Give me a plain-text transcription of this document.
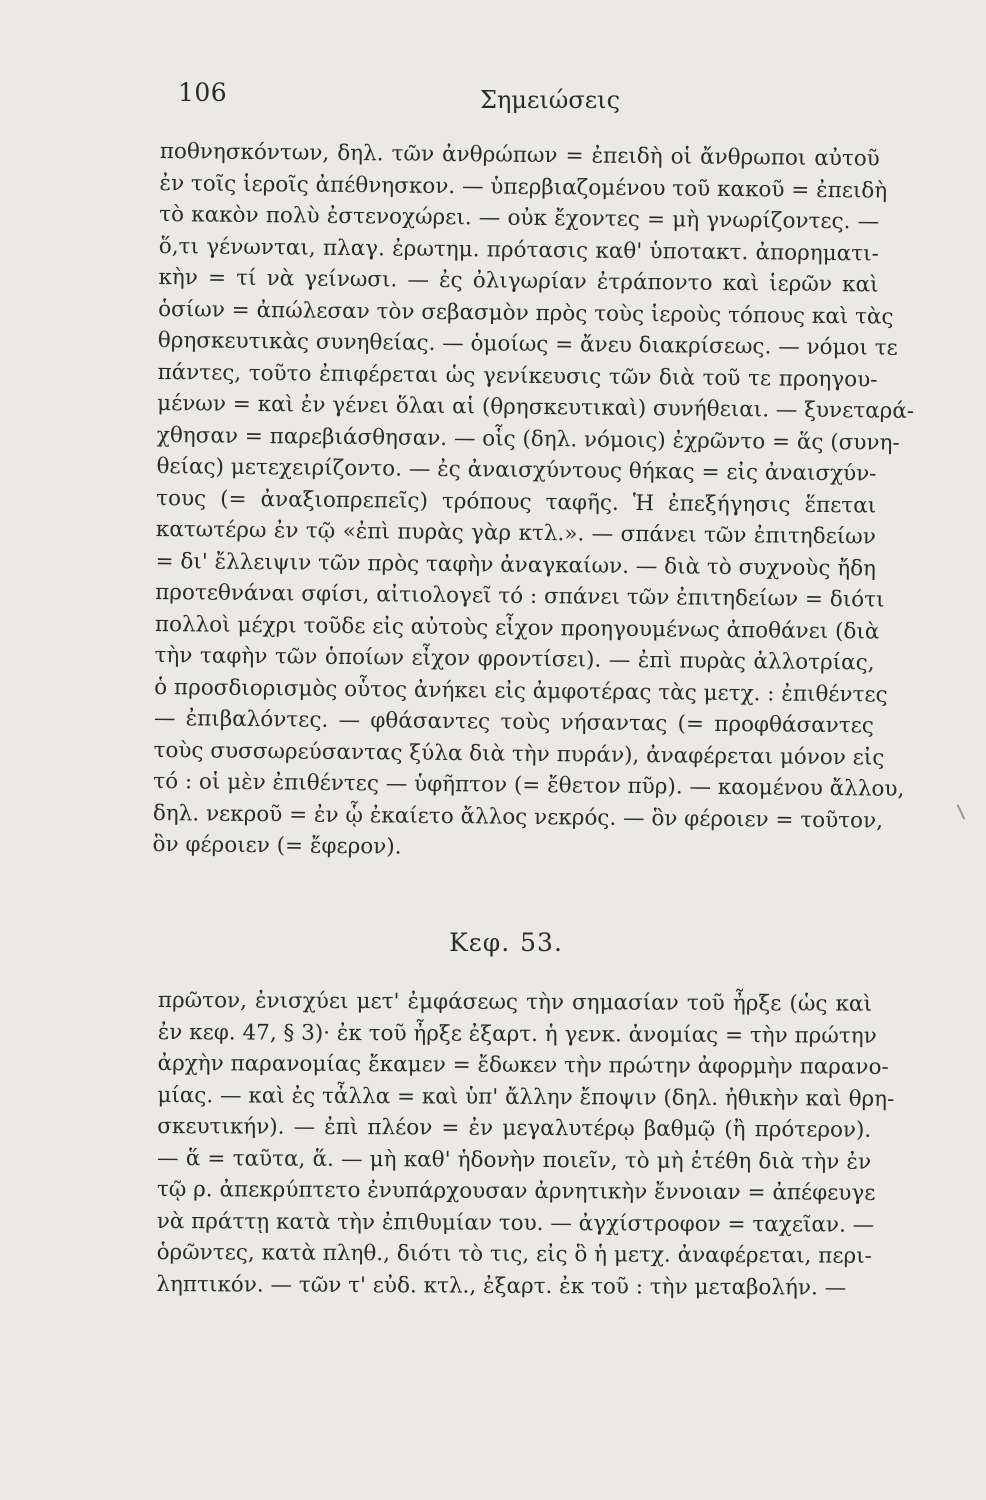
106	Σημειώσεις
ποθνησκόντων, δηλ. τῶν ἀνθρώπων = ἐπειδὴ οἱ ἄνθρωποι αὐτοῦ
ἐν τοῖς ἱεροῖς ἀπέθνησκον. — ὑπερβιαζομένου τοῦ κακοῦ = ἐπειδὴ
τὸ κακὸν πολὺ ἐστενοχώρει. — οὐκ ἔχοντες = μὴ γνωρίζοντες. —
ὅ,τι γένωνται, πλαγ. ἐρωτημ. πρότασις καθ' ὑποτακτ. ἀπορηματι-
κὴν = τί νὰ γείνωσι. — ἐς ὀλιγωρίαν ἐτράποντο καὶ ἱερῶν καὶ
ὁσίων = ἀπώλεσαν τὸν σεβασμὸν πρὸς τοὺς ἱεροὺς τόπους καὶ τὰς
θρησκευτικὰς συνηθείας. — ὁμοίως = ἄνευ διακρίσεως. — νόμοι τε
πάντες, τοῦτο ἐπιφέρεται ὡς γενίκευσις τῶν διὰ τοῦ τε προηγου-
μένων = καὶ ἐν γένει ὅλαι αἱ (θρησκευτικαὶ) συνήθειαι. — ξυνεταρά-
χθησαν = παρεβιάσθησαν. — οἷς (δηλ. νόμοις) ἐχρῶντο = ἅς (συνη-
θείας) μετεχειρίζοντο. — ἐς ἀναισχύντους θήκας = εἰς ἀναισχύν-
τους (= ἀναξιοπρεπεῖς) τρόπους ταφῆς. Ἡ ἐπεξήγησις ἕπεται
κατωτέρω ἐν τῷ «ἐπὶ πυρὰς γὰρ κτλ.». — σπάνει τῶν ἐπιτηδείων
= δι' ἔλλειψιν τῶν πρὸς ταφὴν ἀναγκαίων. — διὰ τὸ συχνοὺς ἤδη
προτεθνάναι σφίσι, αἰτιολογεῖ τό : σπάνει τῶν ἐπιτηδείων = διότι
πολλοὶ μέχρι τοῦδε εἰς αὐτοὺς εἶχον προηγουμένως ἀποθάνει (διὰ
τὴν ταφὴν τῶν ὁποίων εἶχον φροντίσει). — ἐπὶ πυρὰς ἀλλοτρίας,
ὁ προσδιορισμὸς οὗτος ἀνήκει εἰς ἀμφοτέρας τὰς μετχ. : ἐπιθέντες
— ἐπιβαλόντες. — φθάσαντες τοὺς νήσαντας (= προφθάσαντες
τοὺς συσσωρεύσαντας ξύλα διὰ τὴν πυράν), ἀναφέρεται μόνον εἰς
τό : οἱ μὲν ἐπιθέντες — ὑφῆπτον (= ἔθετον πῦρ). — καομένου ἄλλου,
δηλ. νεκροῦ = ἐν ᾧ ἐκαίετο ἄλλος νεκρός. — ὃν φέροιεν = τοῦτον,
ὃν φέροιεν (= ἔφερον).
Κεφ. 53.
πρῶτον, ἐνισχύει μετ' ἐμφάσεως τὴν σημασίαν τοῦ ἦρξε (ὡς καὶ
ἐν κεφ. 47, § 3)· ἐκ τοῦ ἦρξε ἐξαρτ. ἡ γενκ. ἀνομίας = τὴν πρώτην
ἀρχὴν παρανομίας ἔκαμεν = ἔδωκεν τὴν πρώτην ἀφορμὴν παρανο-
μίας. — καὶ ἐς τἆλλα = καὶ ὑπ' ἄλλην ἔποψιν (δηλ. ἠθικὴν καὶ θρη-
σκευτικήν). — ἐπὶ πλέον = ἐν μεγαλυτέρῳ βαθμῷ (ἢ πρότερον).
— ἅ = ταῦτα, ἅ. — μὴ καθ' ἡδονὴν ποιεῖν, τὸ μὴ ἐτέθη διὰ τὴν ἐν
τῷ ρ. ἀπεκρύπτετο ἐνυπάρχουσαν ἀρνητικὴν ἔννοιαν = ἀπέφευγε
νὰ πράττῃ κατὰ τὴν ἐπιθυμίαν του. — ἀγχίστροφον = ταχεῖαν. —
ὁρῶντες, κατὰ πληθ., διότι τὸ τις, εἰς ὃ ἡ μετχ. ἀναφέρεται, περι-
ληπτικόν. — τῶν τ' εὐδ. κτλ., ἐξαρτ. ἐκ τοῦ : τὴν μεταβολήν. —
